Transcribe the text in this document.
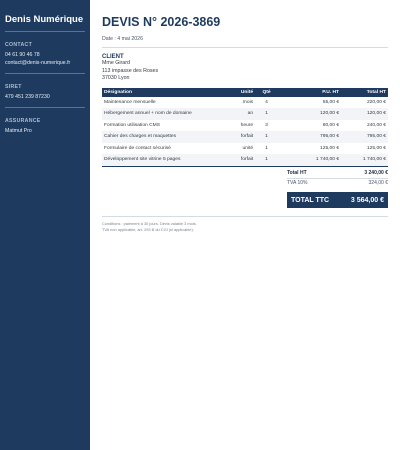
Denis Numérique
CONTACT
04 61 90 46 78
contact@denis-numerique.fr
SIRET
479 451 239 87230
ASSURANCE
Matmut Pro
DEVIS N° 2026-3869
Date : 4 mai 2026
CLIENT
Mme Girard
113 impasse des Roses
37030 Lyon
Désignation	Unité	Qté	P.U. HT	Total HT
Maintenance mensuelle	mois	4	55,00 €	220,00 €
Hébergement annuel + nom de domaine	an	1	120,00 €	120,00 €
Formation utilisation CMS	heure	3	80,00 €	240,00 €
Cahier des charges et maquettes	forfait	1	795,00 €	795,00 €
Formulaire de contact sécurisé	unité	1	125,00 €	125,00 €
Développement site vitrine 5 pages	forfait	1	1 740,00 €	1 740,00 €
Total HT	3 240,00 €
TVA 10%	324,00 €
TOTAL TTC	3 564,00 €
Conditions : paiement à 30 jours. Devis valable 3 mois.
TVA non applicable, art. 293 B du CGI (si applicable).
